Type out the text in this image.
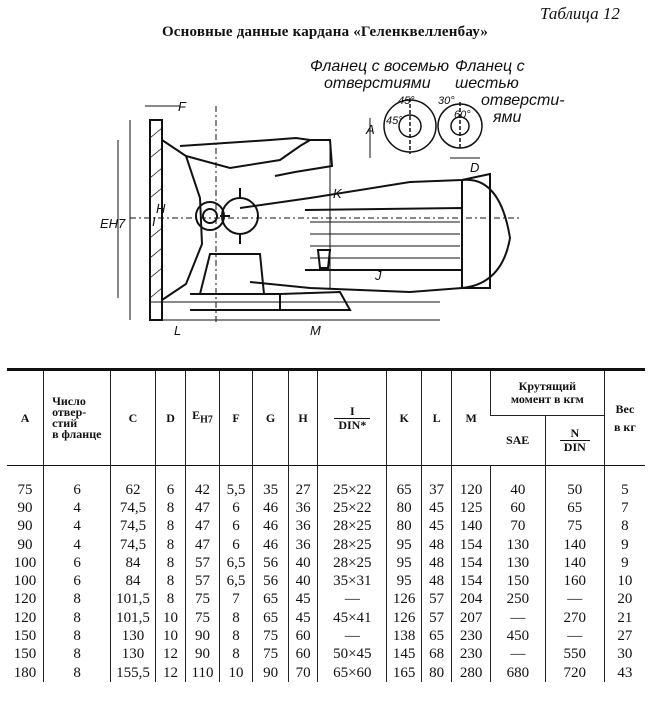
Таблица 12
Основные данные кардана «Геленквелленбау»
F
H
EH7
K
J
L	M
A
D
I
45°
45°
30°
60°
Фланец с восемью
отверстиями
Фланец с
шестью
отверсти-
ями
A	Число
отвер-
стий
в фланце	C	D	$E_{H7}$	F	G	H	$\frac{I}{\text{DIN*}}$	K	L	M	Крутящий
момент в кгм		Вес
в кг
												SAE	$\frac{N}{\text{DIN}}$

75	6	62	6	42	5,5	35	27	25×22	65	37	120	40	50	5
90	4	74,5	8	47	6	46	36	25×22	80	45	125	60	65	7
90	4	74,5	8	47	6	46	36	28×25	80	45	140	70	75	8
90	4	74,5	8	47	6	46	36	28×25	95	48	154	130	140	9
100	6	84	8	57	6,5	56	40	28×25	95	48	154	130	140	9
100	6	84	8	57	6,5	56	40	35×31	95	48	154	150	160	10
120	8	101,5	8	75	7	65	45	—	126	57	204	250	—	20
120	8	101,5	10	75	8	65	45	45×41	126	57	207	—	270	21
150	8	130	10	90	8	75	60	—	138	65	230	450	—	27
150	8	130	12	90	8	75	60	50×45	145	68	230	—	550	30
180	8	155,5	12	110	10	90	70	65×60	165	80	280	680	720	43
